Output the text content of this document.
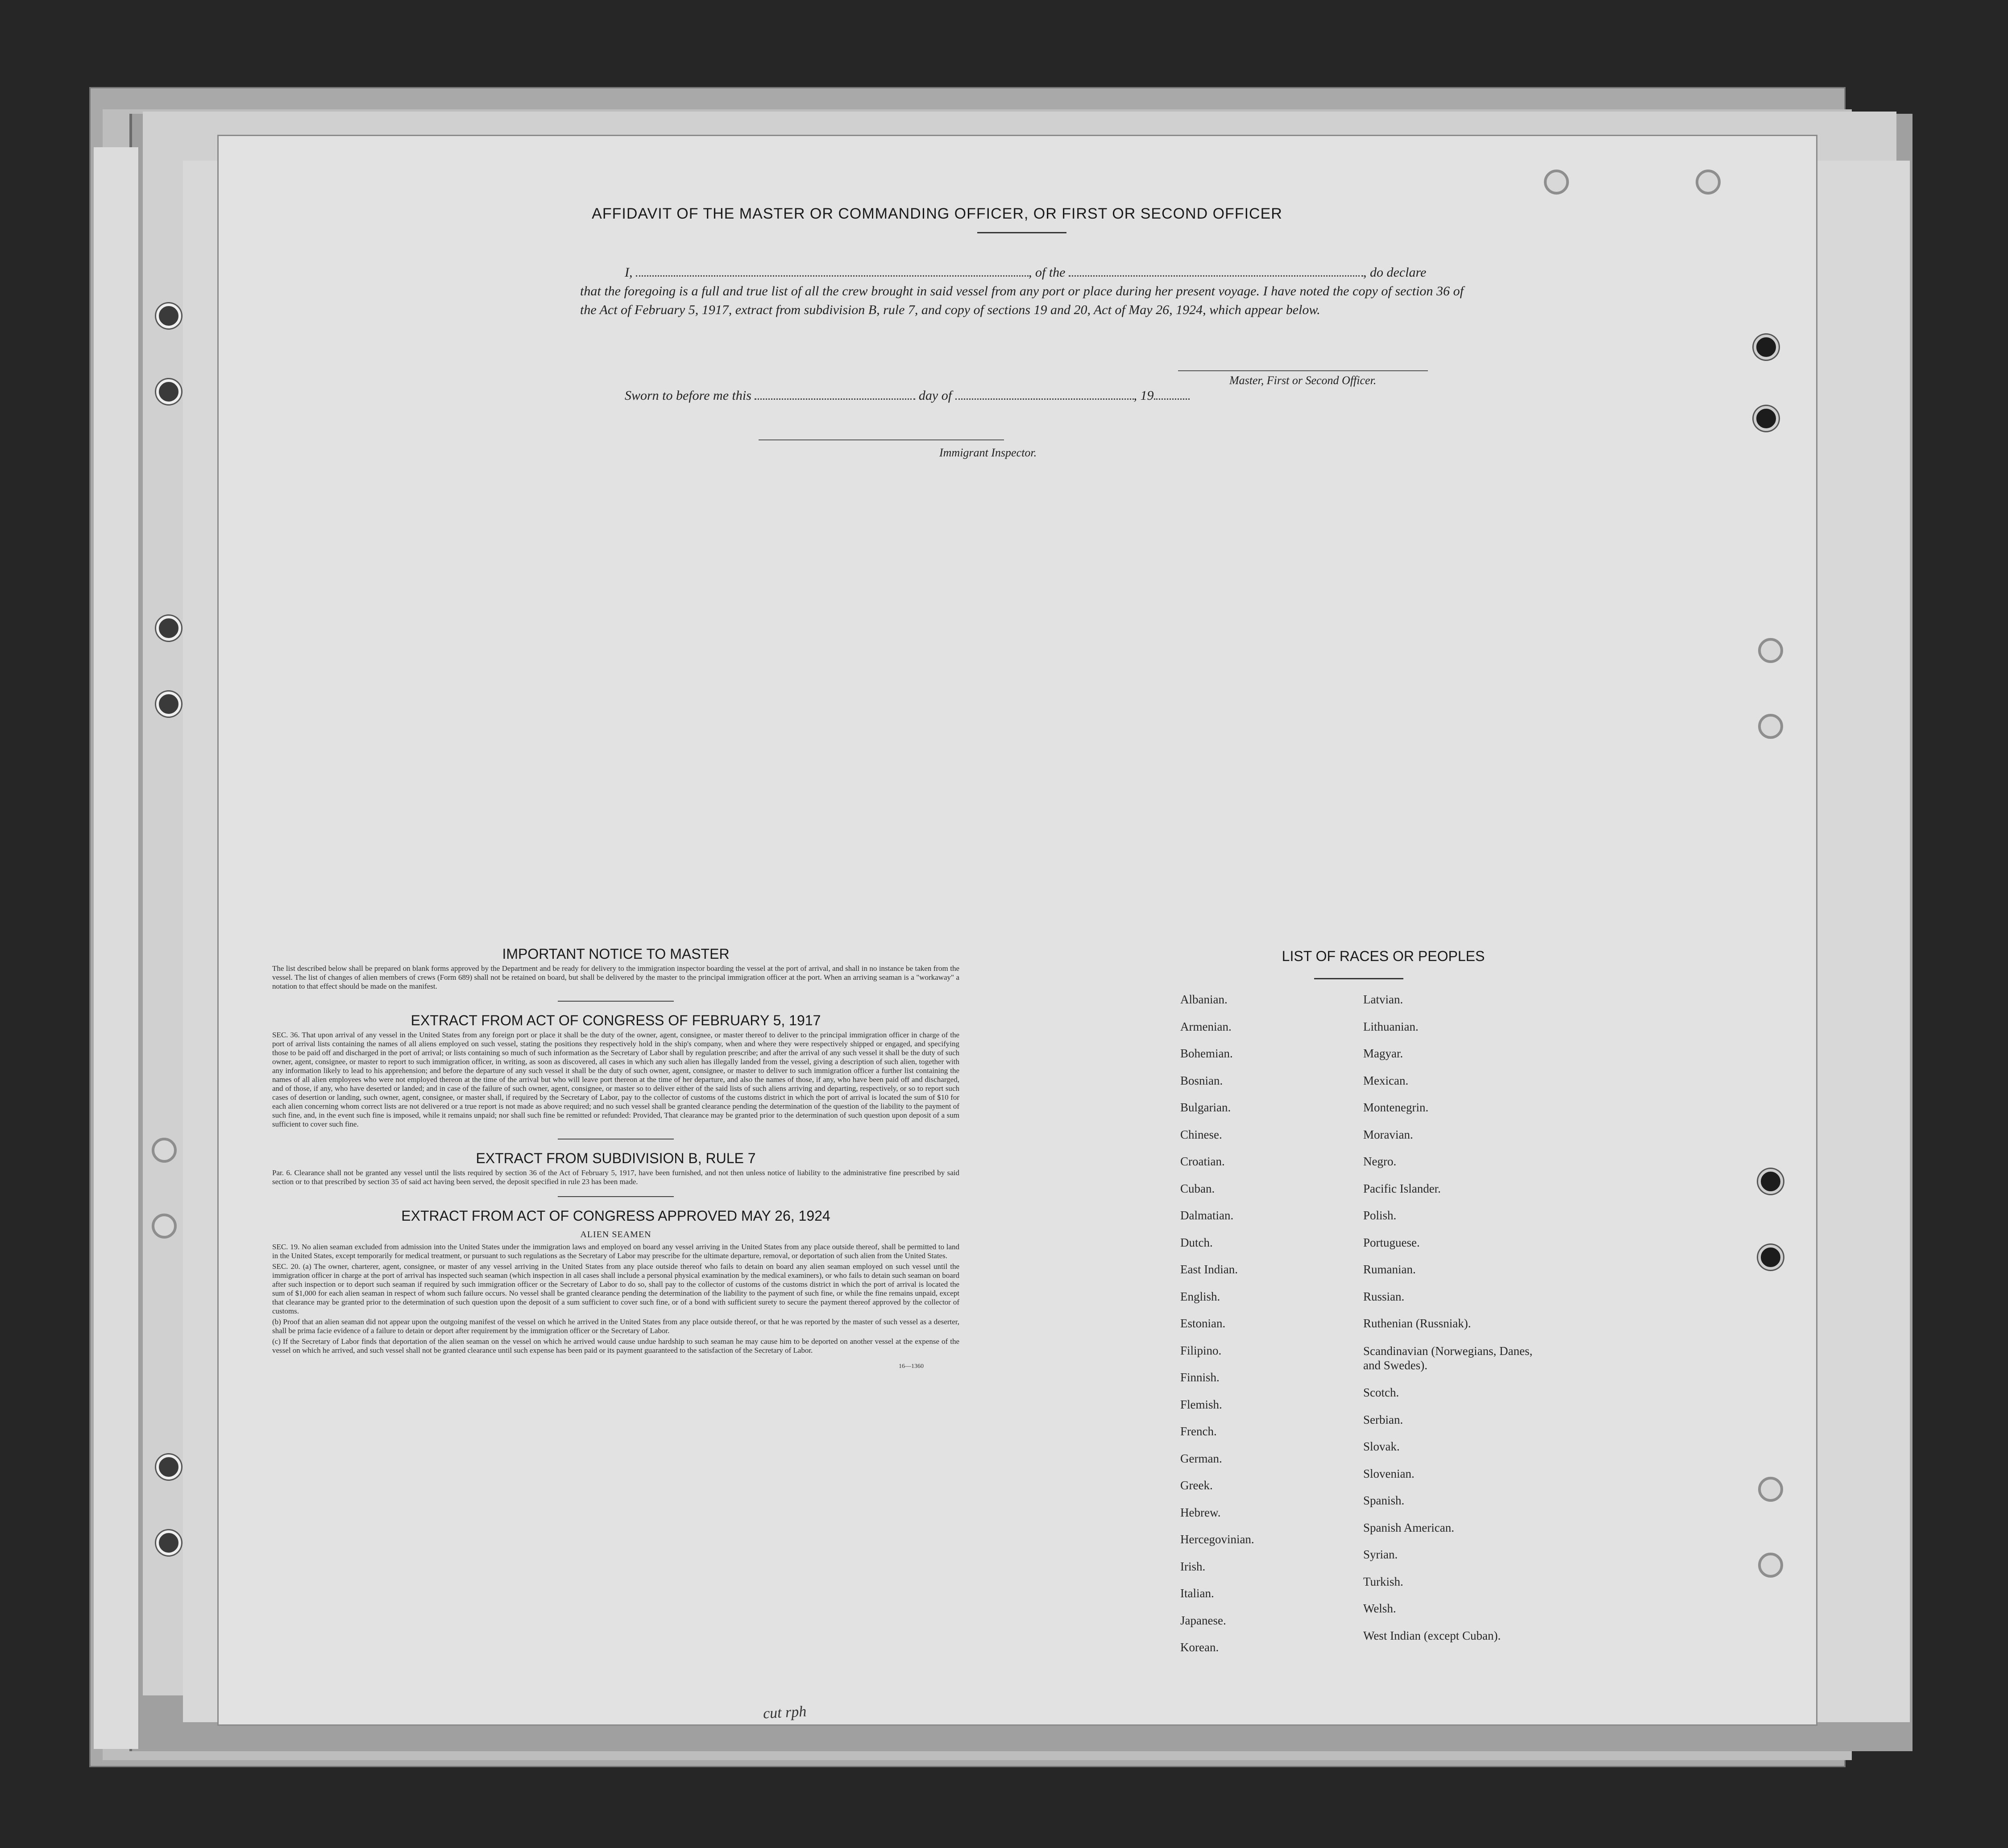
AFFIDAVIT OF THE MASTER OR COMMANDING OFFICER, OR FIRST OR SECOND OFFICER
I,	, of the	, do declare
that the foregoing is a full and true list of all the crew brought in said vessel from any port or place during her present voyage. I have noted the copy of section 36 of the Act of February 5, 1917, extract from subdivision B, rule 7, and copy of sections 19 and 20, Act of May 26, 1924, which appear below.
Master, First or Second Officer.
Sworn to before me this	day of	, 19
Immigrant Inspector.

IMPORTANT NOTICE TO MASTER

The list described below shall be prepared on blank forms approved by the Department and be ready for delivery to the immigration inspector boarding the vessel at the port of arrival, and shall in no instance be taken from the vessel. The list of changes of alien members of crews (Form 689) shall not be retained on board, but shall be delivered by the master to the principal immigration officer at the port. When an arriving seaman is a "workaway" a notation to that effect should be made on the manifest.

EXTRACT FROM ACT OF CONGRESS OF FEBRUARY 5, 1917

SEC. 36. That upon arrival of any vessel in the United States from any foreign port or place it shall be the duty of the owner, agent, consignee, or master thereof to deliver to the principal immigration officer in charge of the port of arrival lists containing the names of all aliens employed on such vessel, stating the positions they respectively hold in the ship's company, when and where they were respectively shipped or engaged, and specifying those to be paid off and discharged in the port of arrival; or lists containing so much of such information as the Secretary of Labor shall by regulation prescribe; and after the arrival of any such vessel it shall be the duty of such owner, agent, consignee, or master to report to such immigration officer, in writing, as soon as discovered, all cases in which any such alien has illegally landed from the vessel, giving a description of such alien, together with any information likely to lead to his apprehension; and before the departure of any such vessel it shall be the duty of such owner, agent, consignee, or master to deliver to such immigration officer a further list containing the names of all alien employees who were not employed thereon at the time of the arrival but who will leave port thereon at the time of her departure, and also the names of those, if any, who have been paid off and discharged, and of those, if any, who have deserted or landed; and in case of the failure of such owner, agent, consignee, or master so to deliver either of the said lists of such aliens arriving and departing, respectively, or so to report such cases of desertion or landing, such owner, agent, consignee, or master shall, if required by the Secretary of Labor, pay to the collector of customs of the customs district in which the port of arrival is located the sum of $10 for each alien concerning whom correct lists are not delivered or a true report is not made as above required; and no such vessel shall be granted clearance pending the determination of the question of the liability to the payment of such fine, and, in the event such fine is imposed, while it remains unpaid; nor shall such fine be remitted or refunded: Provided, That clearance may be granted prior to the determination of such question upon deposit of a sum sufficient to cover such fine.

EXTRACT FROM SUBDIVISION B, RULE 7

Par. 6. Clearance shall not be granted any vessel until the lists required by section 36 of the Act of February 5, 1917, have been furnished, and not then unless notice of liability to the administrative fine prescribed by said section or to that prescribed by section 35 of said act having been served, the deposit specified in rule 23 has been made.

EXTRACT FROM ACT OF CONGRESS APPROVED MAY 26, 1924

ALIEN SEAMEN

SEC. 19. No alien seaman excluded from admission into the United States under the immigration laws and employed on board any vessel arriving in the United States from any place outside thereof, shall be permitted to land in the United States, except temporarily for medical treatment, or pursuant to such regulations as the Secretary of Labor may prescribe for the ultimate departure, removal, or deportation of such alien from the United States.

SEC. 20. (a) The owner, charterer, agent, consignee, or master of any vessel arriving in the United States from any place outside thereof who fails to detain on board any alien seaman employed on such vessel until the immigration officer in charge at the port of arrival has inspected such seaman (which inspection in all cases shall include a personal physical examination by the medical examiners), or who fails to detain such seaman on board after such inspection or to deport such seaman if required by such immigration officer or the Secretary of Labor to do so, shall pay to the collector of customs of the customs district in which the port of arrival is located the sum of $1,000 for each alien seaman in respect of whom such failure occurs. No vessel shall be granted clearance pending the determination of the liability to the payment of such fine, or while the fine remains unpaid, except that clearance may be granted prior to the determination of such question upon the deposit of a sum sufficient to cover such fine, or of a bond with sufficient surety to secure the payment thereof approved by the collector of customs.

(b) Proof that an alien seaman did not appear upon the outgoing manifest of the vessel on which he arrived in the United States from any place outside thereof, or that he was reported by the master of such vessel as a deserter, shall be prima facie evidence of a failure to detain or deport after requirement by the immigration officer or the Secretary of Labor.

(c) If the Secretary of Labor finds that deportation of the alien seaman on the vessel on which he arrived would cause undue hardship to such seaman he may cause him to be deported on another vessel at the expense of the vessel on which he arrived, and such vessel shall not be granted clearance until such expense has been paid or its payment guaranteed to the satisfaction of the Secretary of Labor.

16—1360
LIST OF RACES OR PEOPLES
Albanian.
Armenian.
Bohemian.
Bosnian.
Bulgarian.
Chinese.
Croatian.
Cuban.
Dalmatian.
Dutch.
East Indian.
English.
Estonian.
Filipino.
Finnish.
Flemish.
French.
German.
Greek.
Hebrew.
Hercegovinian.
Irish.
Italian.
Japanese.
Korean.
Latvian.
Lithuanian.
Magyar.
Mexican.
Montenegrin.
Moravian.
Negro.
Pacific Islander.
Polish.
Portuguese.
Rumanian.
Russian.
Ruthenian (Russniak).
Scandinavian (Norwegians, Danes, and Swedes).
Scotch.
Serbian.
Slovak.
Slovenian.
Spanish.
Spanish American.
Syrian.
Turkish.
Welsh.
West Indian (except Cuban).
cut rph
